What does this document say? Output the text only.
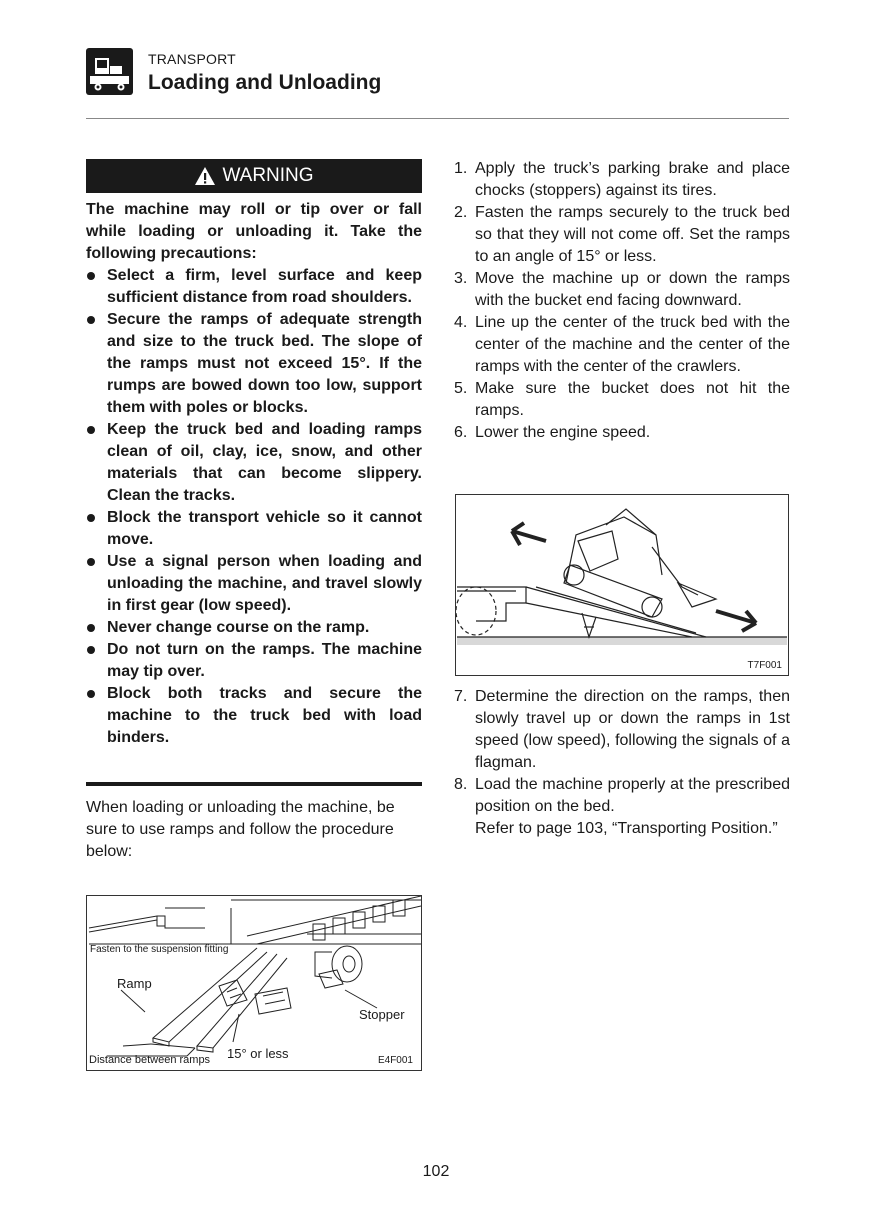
TRANSPORT
Loading and Unloading
WARNING

The machine may roll or tip over or fall while loading or unloading it. Take the following precautions:

Select a firm, level surface and keep sufficient distance from road shoulders.
Secure the ramps of adequate strength and size to the truck bed. The slope of the ramps must not exceed 15°. If the rumps are bowed down too low, support them with poles or blocks.
Keep the truck bed and loading ramps clean of oil, clay, ice, snow, and other materials that can become slippery. Clean the tracks.
Block the transport vehicle so it cannot move.
Use a signal person when loading and unloading the machine, and travel slowly in first gear (low speed).
Never change course on the ramp.
Do not turn on the ramps. The machine may tip over.
Block both tracks and secure the machine to the truck bed with load binders.
When loading or unloading the machine, be sure to use ramps and follow the procedure below:
Fasten to the suspension fitting
Ramp
Stopper
15° or less
Distance between ramps	E4F001
1. Apply the truck’s parking brake and place chocks (stoppers) against its tires.
2. Fasten the ramps securely to the truck bed so that they will not come off. Set the ramps to an angle of 15° or less.
3. Move the machine up or down the ramps with the bucket end facing downward.
4. Line up the center of the truck bed with the center of the machine and the center of the ramps with the center of the crawlers.
5. Make sure the bucket does not hit the ramps.
6. Lower the engine speed.
T7F001
7. Determine the direction on the ramps, then slowly travel up or down the ramps in 1st speed (low speed), following the signals of a flagman.
8. Load the machine properly at the prescribed position on the bed.
Refer to page 103, “Transporting Position.”
102
